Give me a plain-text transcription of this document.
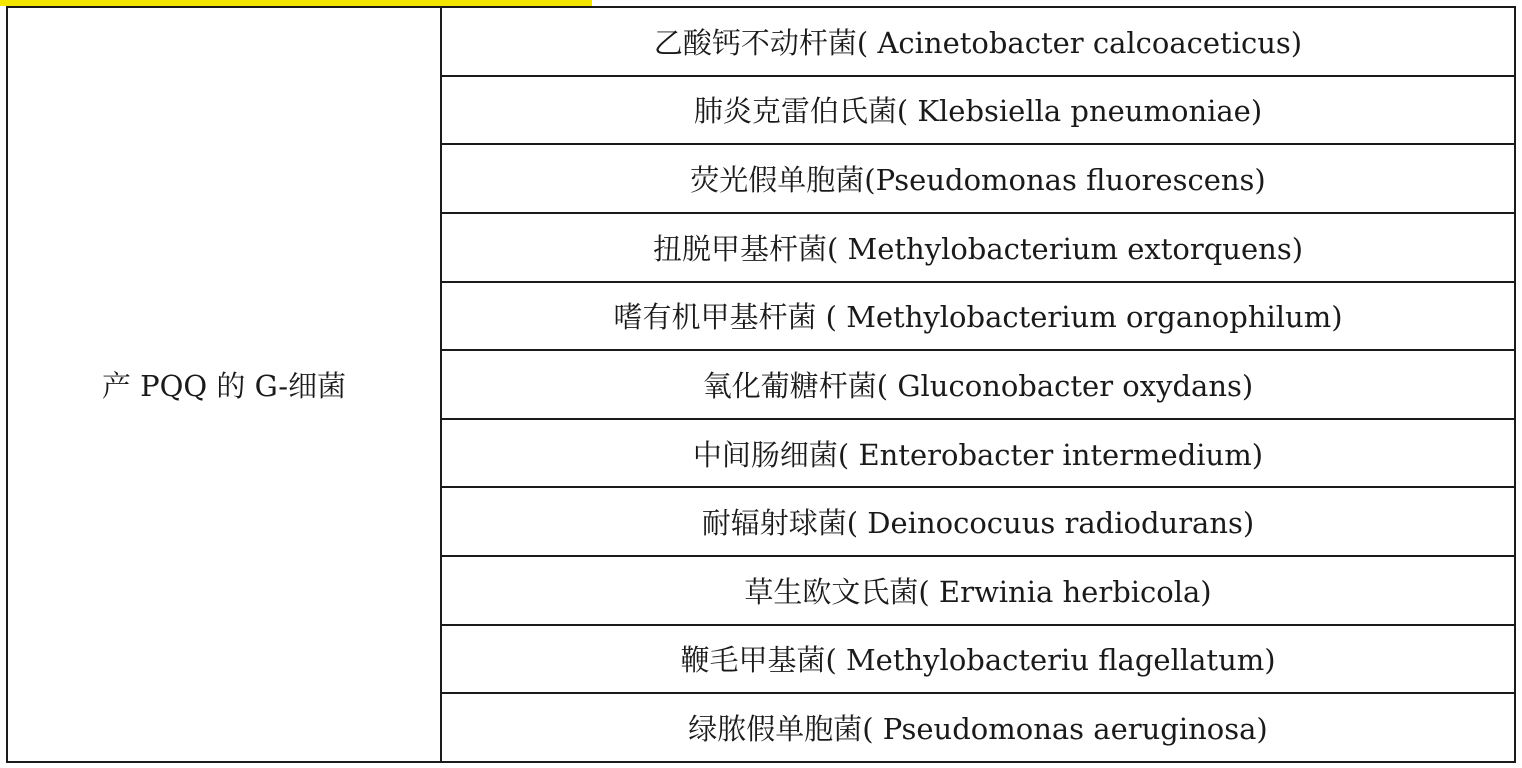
产 PQQ 的 G-细菌	乙酸钙不动杆菌( Acinetobacter calcoaceticus)
肺炎克雷伯氏菌( Klebsiella pneumoniae)
荧光假单胞菌(Pseudomonas fluorescens)
扭脱甲基杆菌( Methylobacterium extorquens)
嗜有机甲基杆菌 ( Methylobacterium organophilum)
氧化葡糖杆菌( Gluconobacter oxydans)
中间肠细菌( Enterobacter intermedium)
耐辐射球菌( Deinococuus radiodurans)
草生欧文氏菌( Erwinia herbicola)
鞭毛甲基菌( Methylobacteriu flagellatum)
绿脓假单胞菌( Pseudomonas aeruginosa)
